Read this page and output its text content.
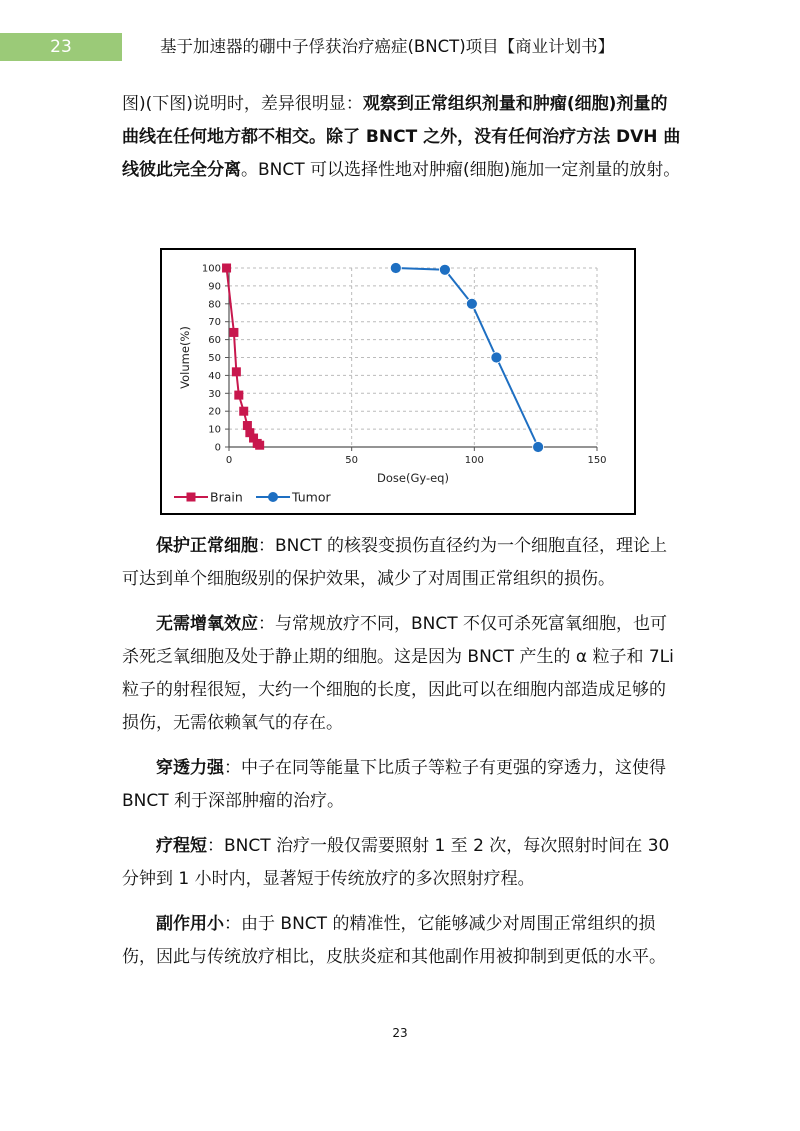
23	基于加速器的硼中子俘获治疗癌症(BNCT)项目【商业计划书】

图)(下图)说明时，差异很明显：观察到正常组织剂量和肿瘤(细胞)剂量的曲线在任何地方都不相交。除了 BNCT 之外，没有任何治疗方法 DVH 曲线彼此完全分离。BNCT 可以选择性地对肿瘤(细胞)施加一定剂量的放射。

0
10
20
30
40
50
60
70
80
90
100
0	50	100	150
Dose(Gy-eq)
Volume(%)
Brain	Tumor

保护正常细胞：BNCT 的核裂变损伤直径约为一个细胞直径，理论上可达到单个细胞级别的保护效果，减少了对周围正常组织的损伤。

无需增氧效应：与常规放疗不同，BNCT 不仅可杀死富氧细胞，也可杀死乏氧细胞及处于静止期的细胞。这是因为 BNCT 产生的 α 粒子和 7Li 粒子的射程很短，大约一个细胞的长度，因此可以在细胞内部造成足够的损伤，无需依赖氧气的存在。

穿透力强：中子在同等能量下比质子等粒子有更强的穿透力，这使得 BNCT 利于深部肿瘤的治疗。

疗程短：BNCT 治疗一般仅需要照射 1 至 2 次，每次照射时间在 30 分钟到 1 小时内，显著短于传统放疗的多次照射疗程。

副作用小：由于 BNCT 的精准性，它能够减少对周围正常组织的损伤，因此与传统放疗相比，皮肤炎症和其他副作用被抑制到更低的水平。

23
